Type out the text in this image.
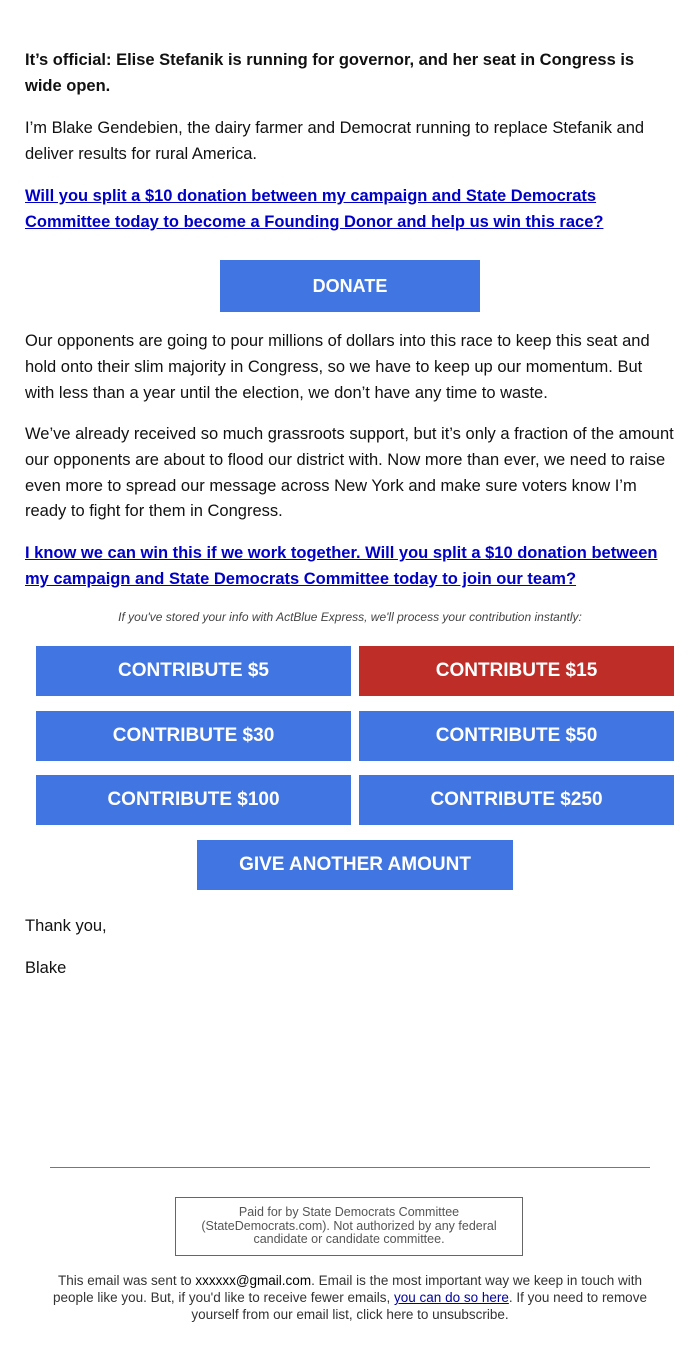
It’s official: Elise Stefanik is running for governor, and her seat in Congress is wide open.

I’m Blake Gendebien, the dairy farmer and Democrat running to replace Stefanik and deliver results for rural America.

Will you split a $10 donation between my campaign and State Democrats Committee today to become a Founding Donor and help us win this race?

DONATE

Our opponents are going to pour millions of dollars into this race to keep this seat and hold onto their slim majority in Congress, so we have to keep up our momentum. But with less than a year until the election, we don’t have any time to waste.

We’ve already received so much grassroots support, but it’s only a fraction of the amount our opponents are about to flood our district with. Now more than ever, we need to raise even more to spread our message across New York and make sure voters know I’m ready to fight for them in Congress.

I know we can win this if we work together. Will you split a $10 donation between my campaign and State Democrats Committee today to join our team?

If you've stored your info with ActBlue Express, we'll process your contribution instantly:
CONTRIBUTE $5	CONTRIBUTE $15
CONTRIBUTE $30	CONTRIBUTE $50
CONTRIBUTE $100	CONTRIBUTE $250
GIVE ANOTHER AMOUNT

Thank you,

Blake

Paid for by State Democrats Committee (StateDemocrats.com). Not authorized by any federal candidate or candidate committee.
This email was sent to xxxxxx@gmail.com. Email is the most important way we keep in touch with people like you. But, if you'd like to receive fewer emails, you can do so here. If you need to remove yourself from our email list, click here to unsubscribe.
